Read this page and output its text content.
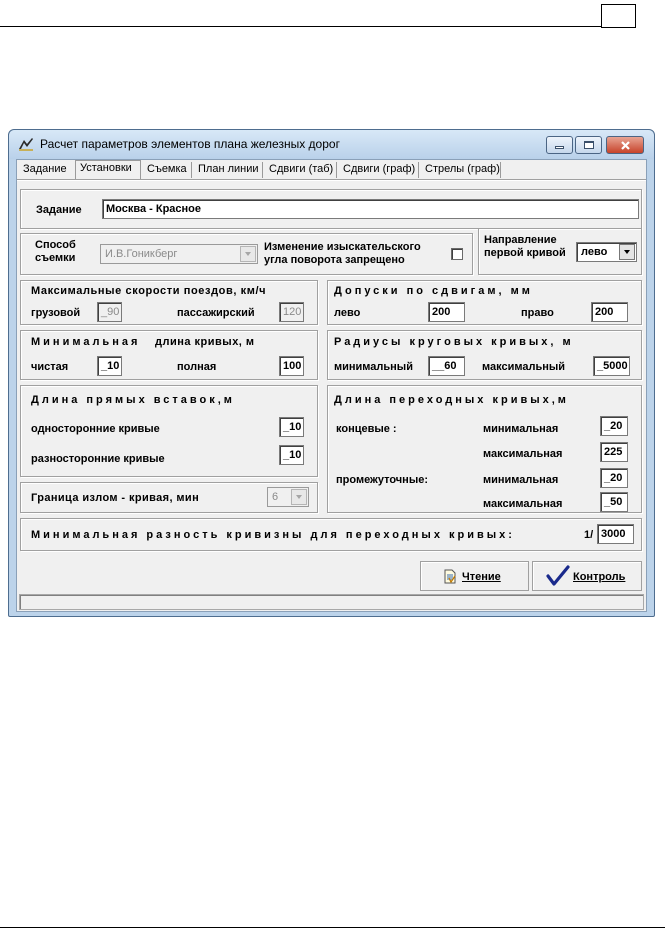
Расчет параметров элементов плана железных дорог
Задание	Установки	Съемка	План линии Сдвиги (таб) Сдвиги (граф) Стрелы (граф)
Задание	Москва - Красное
Способ
съемки	И.В.Гоникберг
Изменение изыскательского
угла поворота запрещено
Направление
первой кривой	лево
Максимальные скорости поездов, км/ч
грузовой	_90	пассажирский	120
Допуски по сдвигам, мм
лево	200	право	200
Минимальная длина кривых, м
чистая	_10	полная	100
Радиусы круговых кривых, м
минимальный	__60	максимальный	_5000
Длина прямых вставок,м
односторонние кривые	_10
разносторонние кривые	_10
Граница излом - кривая, мин	6
Длина переходных кривых,м
концевые :	минимальная	_20
максимальная	225
промежуточные:	минимальная	_20
максимальная	_50
Минимальная разность кривизны для переходных кривых:	1/ 3000
Чтение	Контроль
